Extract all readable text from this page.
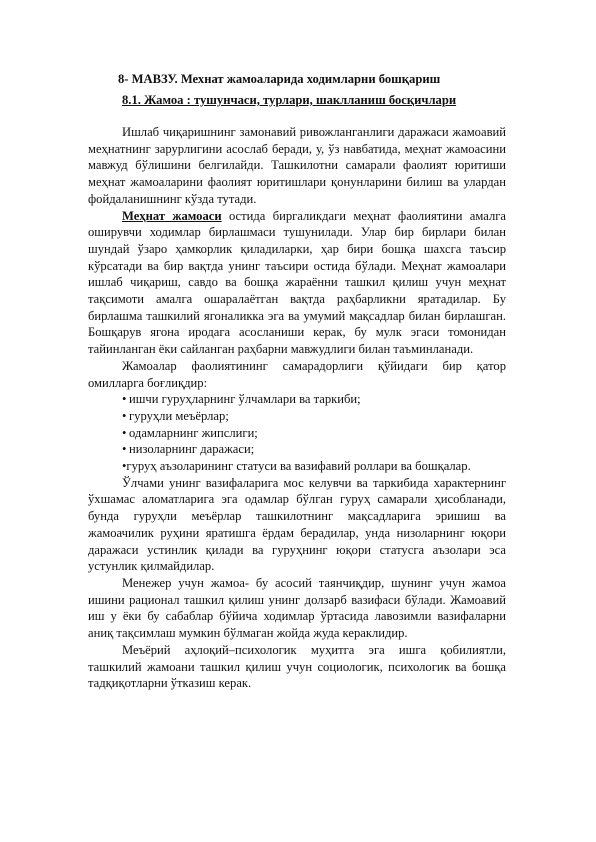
8- МАВЗУ. Мехнат жамоаларида ходимларни бошқариш
8.1. Жамоа : тушунчаси, турлари, шаклланиш босқичлари

Ишлаб чиқаришнинг замонавий ривожланганлиги даражаси жамоавий меҳнатнинг зарурлигини асослаб беради, у, ўз навбатида, меҳнат жамоасини мавжуд бўлишини белгилайди. Ташкилотни самарали фаолият юритиши меҳнат жамоаларини фаолият юритишлари қонунларини билиш ва улардан фойдаланишнинг кўзда тутади.

Меҳнат жамоаси остида биргаликдаги меҳнат фаолиятини амалга оширувчи ходимлар бирлашмаси тушунилади. Улар бир бирлари билан шундай ўзаро ҳамкорлик қиладиларки, ҳар бири бошқа шахсга таъсир кўрсатади ва бир вақтда унинг таъсири остида бўлади. Меҳнат жамоалари ишлаб чиқариш, савдо ва бошқа жараённи ташкил қилиш учун меҳнат тақсимоти амалга ошаралаётган вақтда раҳбарликни яратадилар. Бу бирлашма ташкилий ягоналикка эга ва умумий мақсадлар билан бирлашган. Бошқарув ягона иродага асосланиши керак, бу мулк эгаси томонидан тайинланган ёки сайланган раҳбарни мавжудлиги билан таъминланади.

Жамоалар фаолиятининг самарадорлиги қўйидаги бир қатор омилларга боғлиқдир:

• ишчи гуруҳларнинг ўлчамлари ва таркиби;
• гуруҳли меъёрлар;
• одамларнинг жипслиги;
• низоларнинг даражаси;
•гуруҳ аъзоларининг статуси ва вазифавий роллари ва бошқалар.

Ўлчами унинг вазифаларига мос келувчи ва таркибида характернинг ўхшамас аломатларига эга одамлар бўлган гуруҳ самарали ҳисобланади, бунда гуруҳли меъёрлар ташкилотнинг мақсадларига эришиш ва жамоачилик руҳини яратишга ёрдам берадилар, унда низоларнинг юқори даражаси устинлик қилади ва гуруҳнинг юқори статусга аъзолари эса устунлик қилмайдилар.

Менежер учун жамоа- бу асосий таянчиқдир, шунинг учун жамоа ишини рационал ташкил қилиш унинг долзарб вазифаси бўлади. Жамоавий иш у ёки бу сабаблар бўйича ходимлар ўртасида лавозимли вазифаларни аниқ тақсимлаш мумкин бўлмаган жойда жуда кераклидир.

Меъёрий аҳлоқий–психологик муҳитга эга ишга қобилиятли, ташкилий жамоани ташкил қилиш учун социологик, психологик ва бошқа тадқиқотларни ўтказиш керак.
